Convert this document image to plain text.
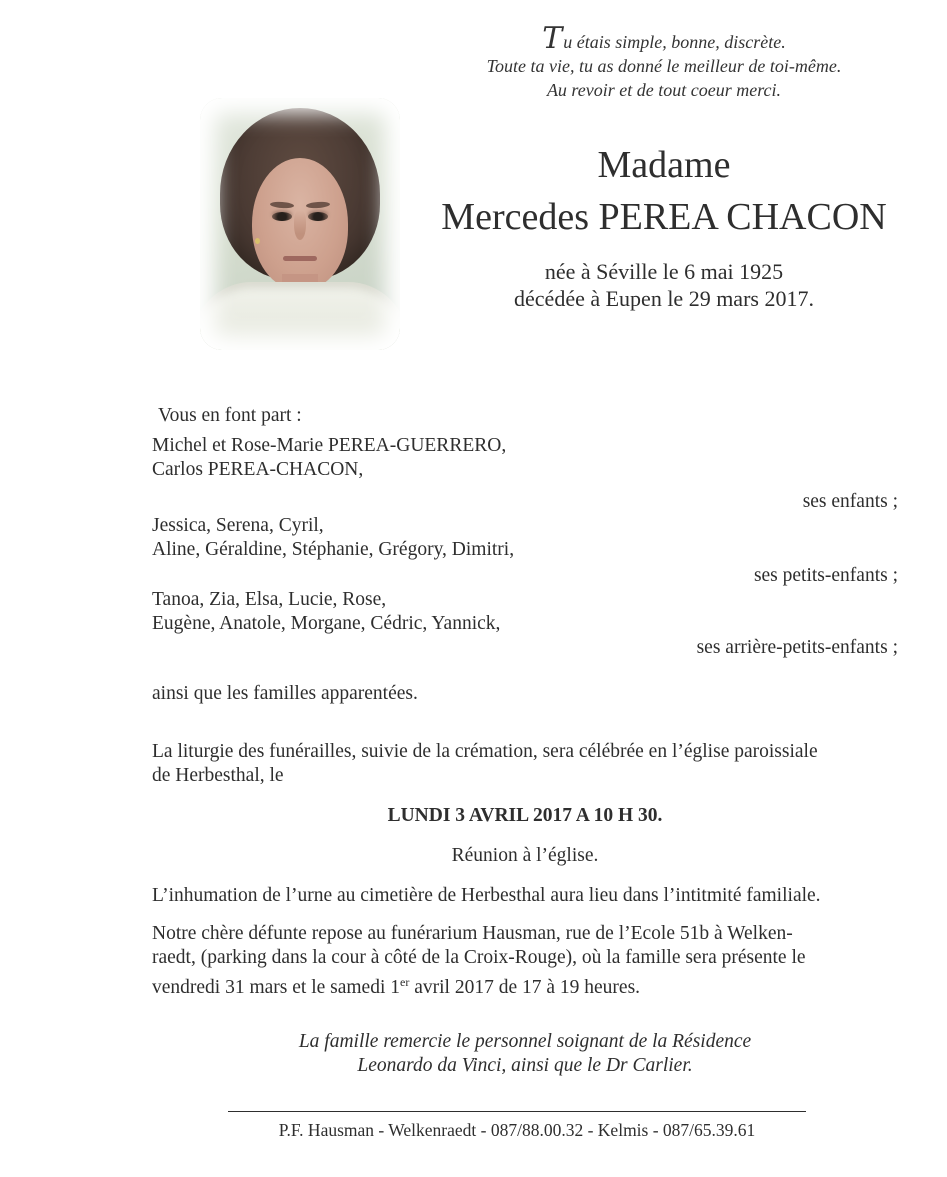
Tu étais simple, bonne, discrète.
Toute ta vie, tu as donné le meilleur de toi-même.
Au revoir et de tout coeur merci.
Madame
Mercedes PEREA CHACON
née à Séville le 6 mai 1925
décédée à Eupen le 29 mars 2017.
Vous en font part :
Michel et Rose-Marie PEREA-GUERRERO,
Carlos PEREA-CHACON,
ses enfants ;
Jessica, Serena, Cyril,
Aline, Géraldine, Stéphanie, Grégory, Dimitri,
ses petits-enfants ;
Tanoa, Zia, Elsa, Lucie, Rose,
Eugène, Anatole, Morgane, Cédric, Yannick,
ses arrière-petits-enfants ;
ainsi que les familles apparentées.
La liturgie des funérailles, suivie de la crémation, sera célébrée en l’église paroissiale
de Herbesthal, le
LUNDI 3 AVRIL 2017 A 10 H 30.
Réunion à l’église.
L’inhumation de l’urne au cimetière de Herbesthal aura lieu dans l’intitmité familiale.
Notre chère défunte repose au funérarium Hausman, rue de l’Ecole 51b à Welken-
raedt, (parking dans la cour à côté de la Croix-Rouge), où la famille sera présente le
vendredi 31 mars et le samedi 1er avril 2017 de 17 à 19 heures.
La famille remercie le personnel soignant de la Résidence
Leonardo da Vinci, ainsi que le Dr Carlier.
P.F. Hausman - Welkenraedt - 087/88.00.32 - Kelmis - 087/65.39.61
